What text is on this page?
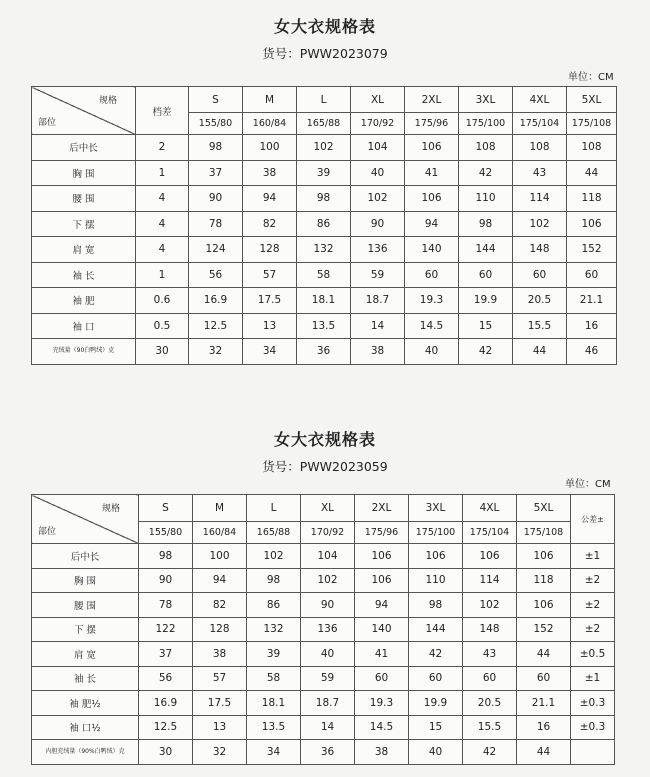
女大衣规格表
货号：PWW2023079
单位：CM
规格
部位	档差	S	M	L	XL	2XL	3XL	4XL	5XL
		155/80	160/84	165/88	170/92	175/96	175/100	175/104	175/108
后中长	2	98	100	102	104	106	108	108	108
胸 围	1	37	38	39	40	41	42	43	44
腰 围	4	90	94	98	102	106	110	114	118
下 摆	4	78	82	86	90	94	98	102	106
肩 宽	4	124	128	132	136	140	144	148	152
袖 长	1	56	57	58	59	60	60	60	60
袖 肥	0.6	16.9	17.5	18.1	18.7	19.3	19.9	20.5	21.1
袖 口	0.5	12.5	13	13.5	14	14.5	15	15.5	16
充绒量（90白鸭绒）克	30	32	34	36	38	40	42	44	46
女大衣规格表
货号：PWW2023059
单位：CM
规格
部位	S	M	L	XL	2XL	3XL	4XL	5XL	公差±
	155/80	160/84	165/88	170/92	175/96	175/100	175/104	175/108	
后中长	98	100	102	104	106	106	106	106	±1
胸 围	90	94	98	102	106	110	114	118	±2
腰 围	78	82	86	90	94	98	102	106	±2
下 摆	122	128	132	136	140	144	148	152	±2
肩 宽	37	38	39	40	41	42	43	44	±0.5
袖 长	56	57	58	59	60	60	60	60	±1
袖 肥½	16.9	17.5	18.1	18.7	19.3	19.9	20.5	21.1	±0.3
袖 口½	12.5	13	13.5	14	14.5	15	15.5	16	±0.3
内胆充绒量（90%白鸭绒）克	30	32	34	36	38	40	42	44	
